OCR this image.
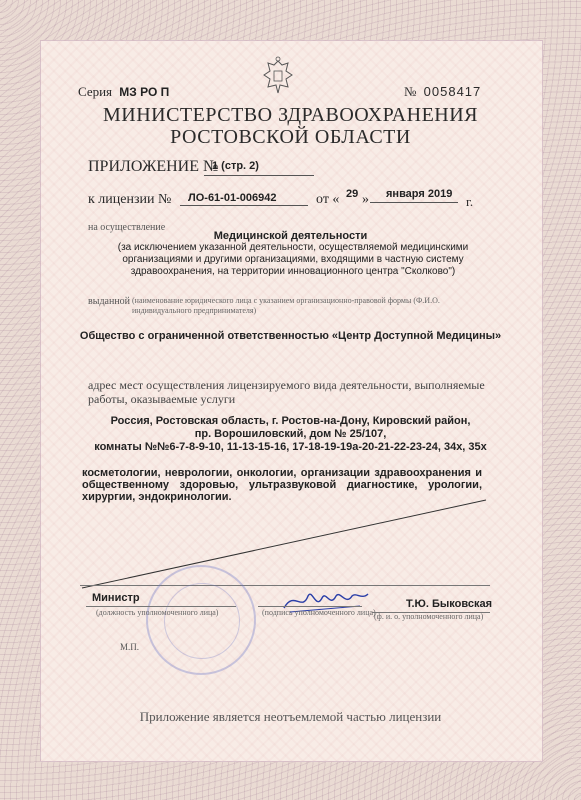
Серия МЗ РО П	№ 0058417
МИНИСТЕРСТВО ЗДРАВООХРАНЕНИЯ
РОСТОВСКОЙ ОБЛАСТИ
ПРИЛОЖЕНИЕ №
1 (стр. 2)
к лицензии № ЛО-61-01-006942	от « 29 » января 2019 г.
на осуществление
Медицинской деятельности
(за исключением указанной деятельности, осуществляемой медицинскими организациями и другими организациями, входящими в частную систему здравоохранения, на территории инновационного центра "Сколково")
выданной (наименование юридического лица с указанием организационно-правовой формы (Ф.И.О. индивидуального предпринимателя)
Общество с ограниченной ответственностью «Центр Доступной Медицины»
адрес мест осуществления лицензируемого вида деятельности, выполняемые работы, оказываемые услуги
Россия, Ростовская область, г. Ростов-на-Дону, Кировский район,
пр. Ворошиловский, дом № 25/107,
комнаты №№6-7-8-9-10, 11-13-15-16, 17-18-19-19а-20-21-22-23-24, 34х, 35х
косметологии, неврологии, онкологии, организации здравоохранения и общественному здоровью, ультразвуковой диагностике, урологии, хирургии, эндокринологии.
Министр
(должность уполномоченного лица)	(подпись уполномоченного лица)
Т.Ю. Быковская
(ф. и. о. уполномоченного лица)
М.П.
Приложение является неотъемлемой частью лицензии
